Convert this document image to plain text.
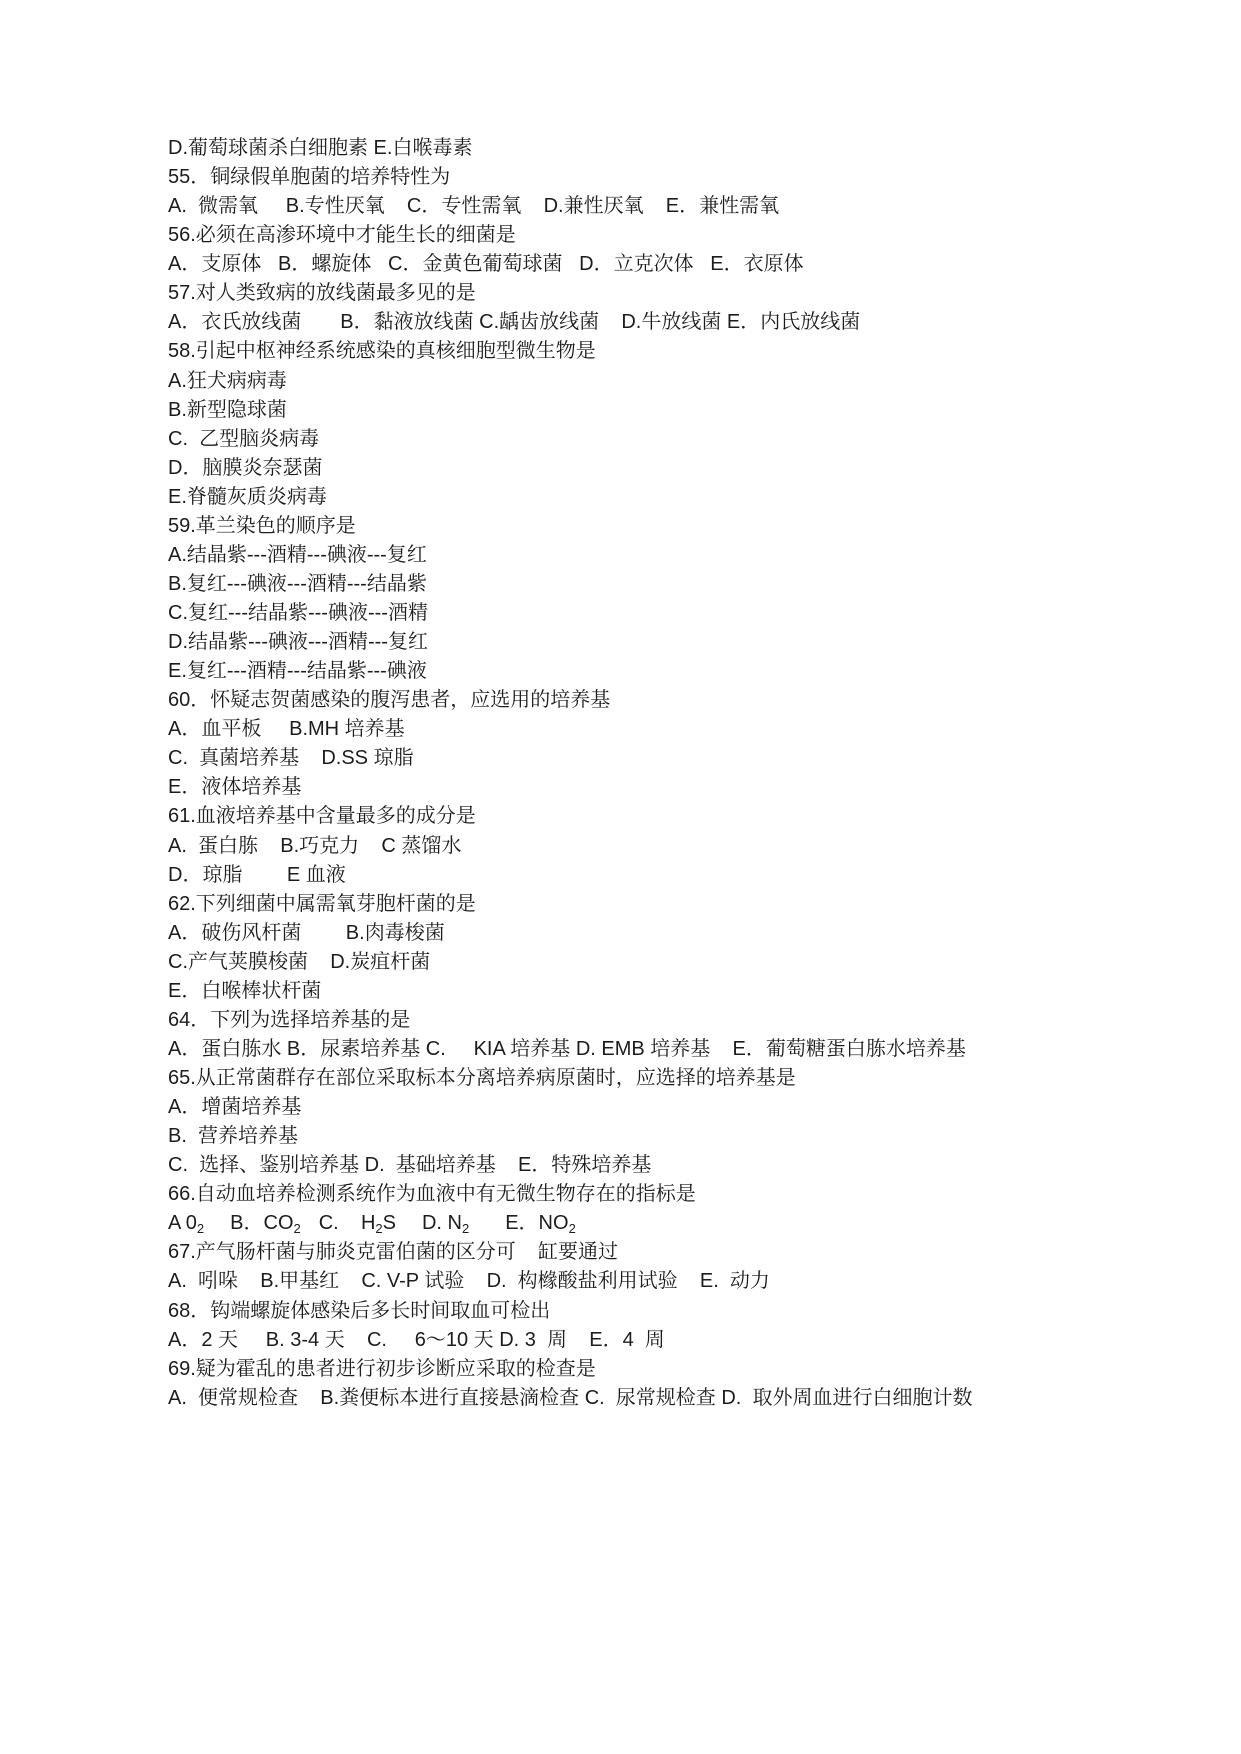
D.葡萄球菌杀白细胞素 E.白喉毒素
55．铜绿假单胞菌的培养特性为
A.  微需氧     B.专性厌氧    C．专性需氧    D.兼性厌氧    E．兼性需氧
56.必须在高渗环境中才能生长的细菌是
A．支原体   B．螺旋体   C．金黄色葡萄球菌   D．立克次体   E．衣原体
57.对人类致病的放线菌最多见的是
A．衣氏放线菌       B．黏液放线菌 C.龋齿放线菌    D.牛放线菌 E．内氏放线菌
58.引起中枢神经系统感染的真核细胞型微生物是
A.狂犬病病毒
B.新型隐球菌
C.  乙型脑炎病毒
D．脑膜炎奈瑟菌
E.脊髓灰质炎病毒
59.革兰染色的顺序是
A.结晶紫---酒精---碘液---复红
B.复红---碘液---酒精---结晶紫
C.复红---结晶紫---碘液---酒精
D.结晶紫---碘液---酒精---复红
E.复红---酒精---结晶紫---碘液
60．怀疑志贺菌感染的腹泻患者，应选用的培养基
A．血平板     B.MH 培养基
C.  真菌培养基    D.SS 琼脂
E．液体培养基
61.血液培养基中含量最多的成分是
A.  蛋白胨    B.巧克力    C 蒸馏水
D．琼脂        E 血液
62.下列细菌中属需氧芽胞杆菌的是
A．破伤风杆菌        B.肉毒梭菌
C.产气荚膜梭菌    D.炭疽杆菌
E．白喉棒状杆菌
64．下列为选择培养基的是
A．蛋白胨水 B．尿素培养基 C.     KIA 培养基 D. EMB 培养基    E．葡萄糖蛋白胨水培养基
65.从正常菌群存在部位采取标本分离培养病原菌时，应选择的培养基是
A．增菌培养基
B.  营养培养基
C.  选择、鉴别培养基 D.  基础培养基    E．特殊培养基
66.自动血培养检测系统作为血液中有无微生物存在的指标是
A $0_2$ B．$CO_2$ C.    $H_2S$ D. $N_2$ E．$NO_2$
67.产气肠杆菌与肺炎克雷伯菌的区分可    缸要通过
A.  吲哚    B.甲基红    C. V-P 试验    D.  构橼酸盐利用试验    E.  动力
68．钩端螺旋体感染后多长时间取血可检出
A．2 天     B. 3-4 天    C.     6～10 天 D. 3  周    E．4  周
69.疑为霍乱的患者进行初步诊断应采取的检查是
A.  便常规检查    B.粪便标本进行直接悬滴检查 C.  尿常规检查 D.  取外周血进行白细胞计数
